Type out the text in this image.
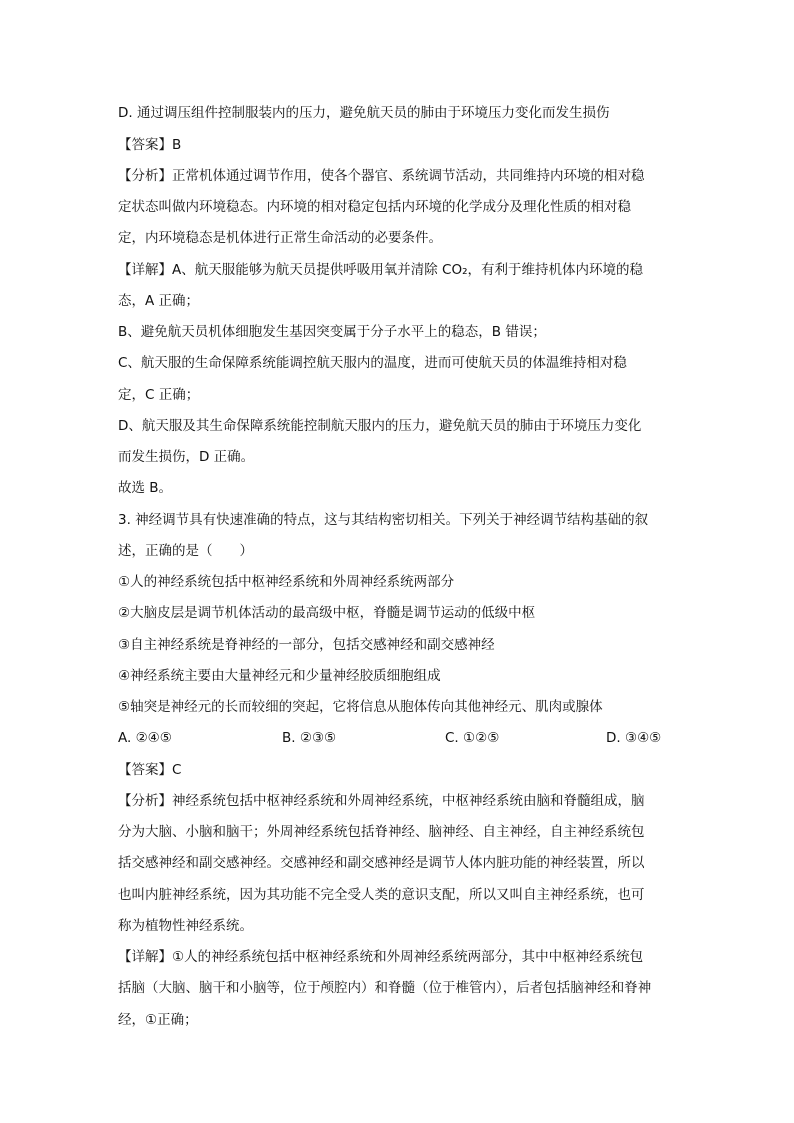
D. 通过调压组件控制服装内的压力，避免航天员的肺由于环境压力变化而发生损伤
【答案】B
【分析】正常机体通过调节作用，使各个器官、系统调节活动，共同维持内环境的相对稳
定状态叫做内环境稳态。内环境的相对稳定包括内环境的化学成分及理化性质的相对稳
定，内环境稳态是机体进行正常生命活动的必要条件。
【详解】A、航天服能够为航天员提供呼吸用氧并清除 CO₂，有利于维持机体内环境的稳
态，A 正确；
B、避免航天员机体细胞发生基因突变属于分子水平上的稳态，B 错误；
C、航天服的生命保障系统能调控航天服内的温度，进而可使航天员的体温维持相对稳
定，C 正确；
D、航天服及其生命保障系统能控制航天服内的压力，避免航天员的肺由于环境压力变化
而发生损伤，D 正确。
故选 B。
3. 神经调节具有快速准确的特点，这与其结构密切相关。下列关于神经调节结构基础的叙
述，正确的是（　　）
①人的神经系统包括中枢神经系统和外周神经系统两部分
②大脑皮层是调节机体活动的最高级中枢，脊髓是调节运动的低级中枢
③自主神经系统是脊神经的一部分，包括交感神经和副交感神经
④神经系统主要由大量神经元和少量神经胶质细胞组成
⑤轴突是神经元的长而较细的突起，它将信息从胞体传向其他神经元、肌肉或腺体
A. ②④⑤	B. ②③⑤	C. ①②⑤	D. ③④⑤
【答案】C
【分析】神经系统包括中枢神经系统和外周神经系统，中枢神经系统由脑和脊髓组成，脑
分为大脑、小脑和脑干；外周神经系统包括脊神经、脑神经、自主神经，自主神经系统包
括交感神经和副交感神经。交感神经和副交感神经是调节人体内脏功能的神经装置，所以
也叫内脏神经系统，因为其功能不完全受人类的意识支配，所以又叫自主神经系统，也可
称为植物性神经系统。
【详解】①人的神经系统包括中枢神经系统和外周神经系统两部分，其中中枢神经系统包
括脑（大脑、脑干和小脑等，位于颅腔内）和脊髓（位于椎管内），后者包括脑神经和脊神
经，①正确；
